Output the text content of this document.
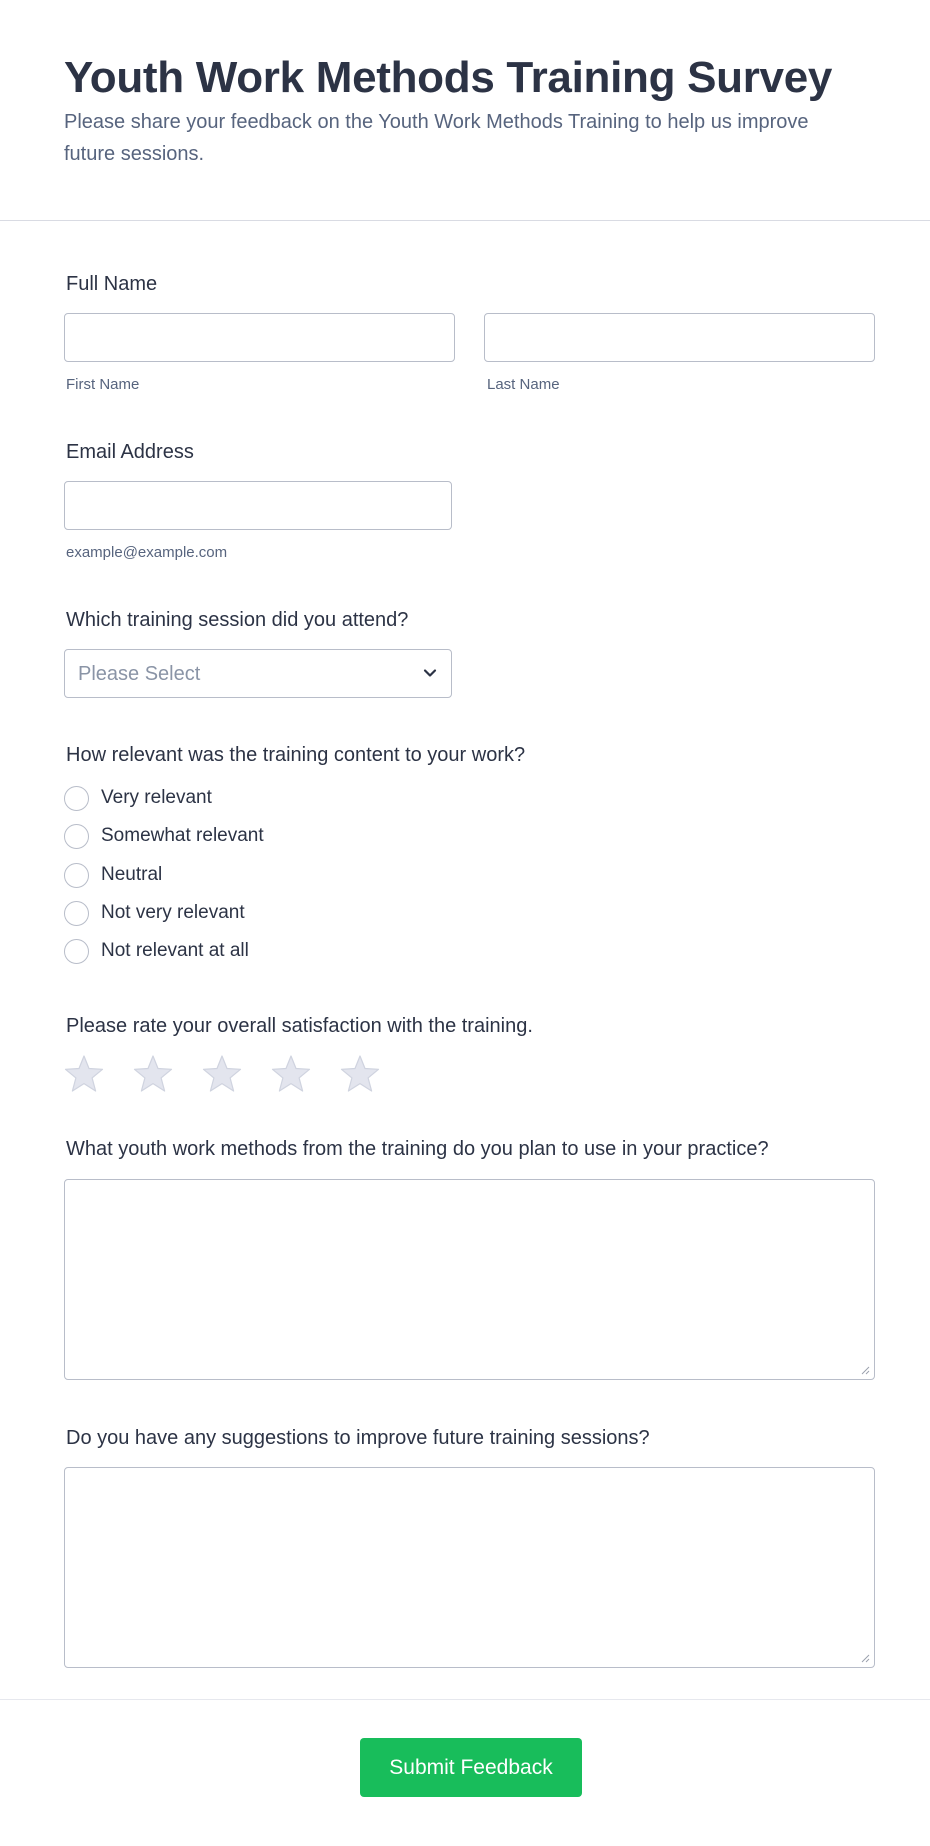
Youth Work Methods Training Survey
Please share your feedback on the Youth Work Methods Training to help us improve future sessions.
Full Name
First Name	Last Name
Email Address
example@example.com
Which training session did you attend?
Please Select
How relevant was the training content to your work?
Very relevant
Somewhat relevant
Neutral
Not very relevant
Not relevant at all
Please rate your overall satisfaction with the training.
What youth work methods from the training do you plan to use in your practice?
Do you have any suggestions to improve future training sessions?
Submit Feedback
